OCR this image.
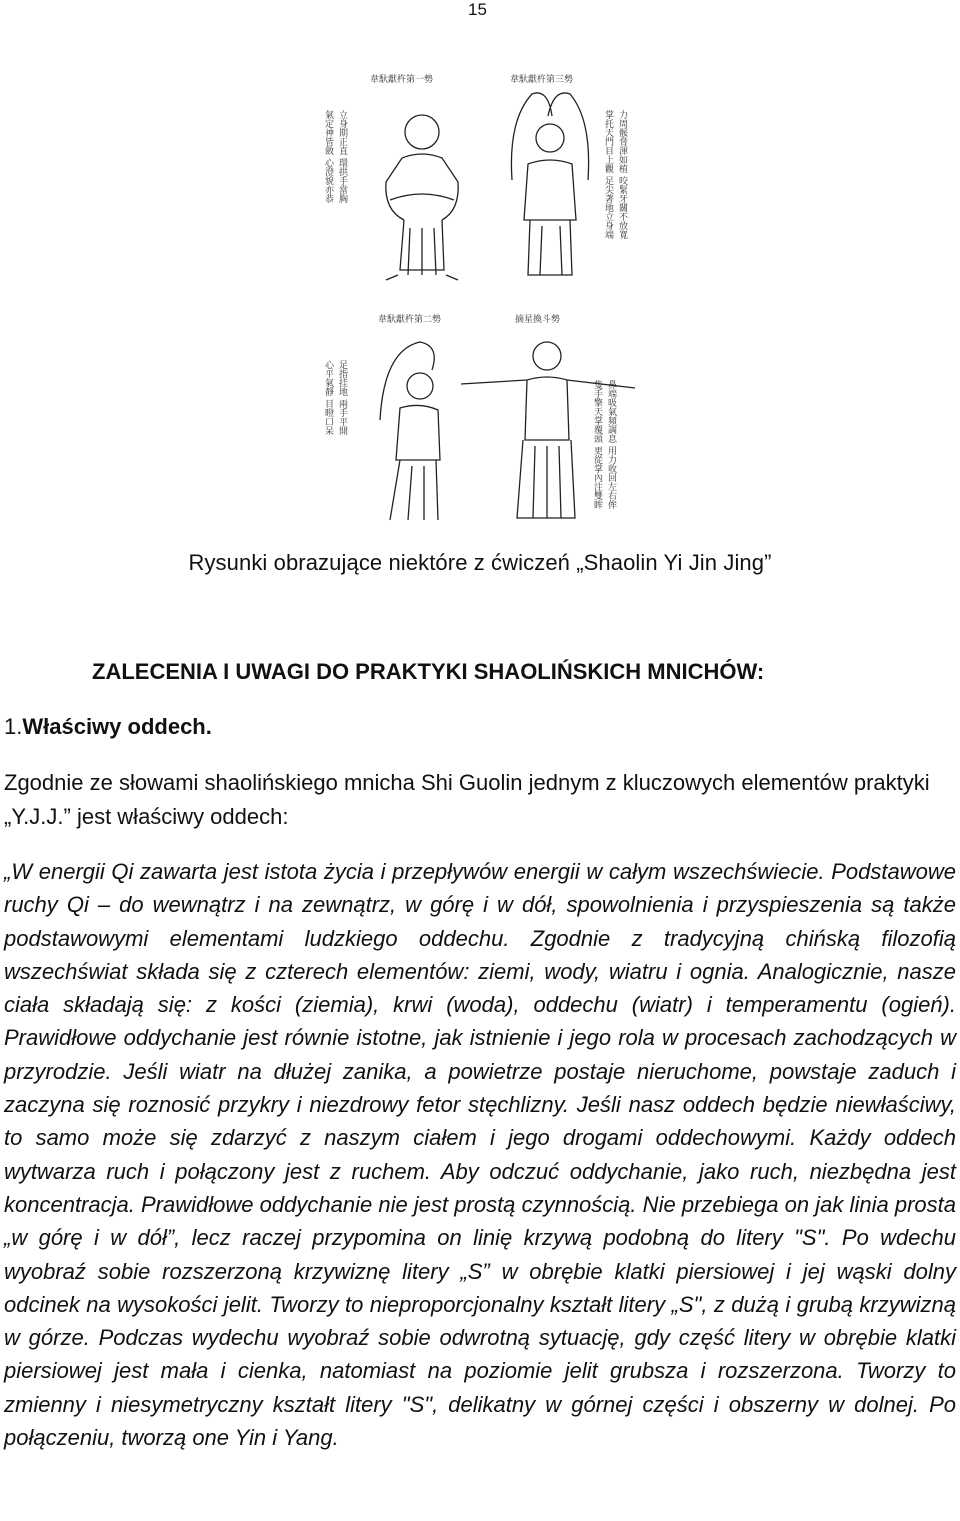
15
韋馱獻杵第一勢
氣定神皆斂 心澄貌亦恭 立身期正直 環拱手當胸
韋馱獻杵第三勢
掌托天門目上觀 足尖著地立身端 力周骽脅渾如植 咬緊牙關不放寬
韋馱獻杵第二勢
心平氣靜 目瞪口呆 足指挂地 兩手平開
摘星換斗勢
隻手擎天掌覆頭 更從掌內注雙眸 鼻端吸氣頻調息 用力收回左右侔
Rysunki obrazujące niektóre z ćwiczeń „Shaolin Yi Jin Jing”
ZALECENIA I UWAGI DO PRAKTYKI SHAOLIŃSKICH MNICHÓW:
1.Właściwy oddech.
Zgodnie ze słowami shaolińskiego mnicha Shi Guolin jednym z kluczowych elementów praktyki „Y.J.J.” jest właściwy oddech:
„W energii Qi zawarta jest istota życia i przepływów energii w całym wszechświecie. Podstawowe ruchy Qi – do wewnątrz i na zewnątrz, w górę i w dół, spowolnienia i przyspieszenia są także podstawowymi elementami ludzkiego oddechu. Zgodnie z tradycyjną chińską filozofią wszechświat składa się z czterech elementów: ziemi, wody, wiatru i ognia. Analogicznie, nasze ciała składają się: z kości (ziemia), krwi (woda), oddechu (wiatr) i temperamentu (ogień). Prawidłowe oddychanie jest równie istotne, jak istnienie i jego rola w procesach zachodzących w przyrodzie. Jeśli wiatr na dłużej zanika, a powietrze postaje nieruchome, powstaje zaduch i zaczyna się roznosić przykry i niezdrowy fetor stęchlizny. Jeśli nasz oddech będzie niewłaściwy, to samo może się zdarzyć z naszym ciałem i jego drogami oddechowymi. Każdy oddech wytwarza ruch i połączony jest z ruchem. Aby odczuć oddychanie, jako ruch, niezbędna jest koncentracja. Prawidłowe oddychanie nie jest prostą czynnością. Nie przebiega on jak linia prosta „w górę i w dół”, lecz raczej przypomina on linię krzywą podobną do litery "S". Po wdechu wyobraź sobie rozszerzoną krzywiznę litery „S” w obrębie klatki piersiowej i jej wąski dolny odcinek na wysokości jelit. Tworzy to nieproporcjonalny kształt litery „S", z dużą i grubą krzywizną w górze. Podczas wydechu wyobraź sobie odwrotną sytuację, gdy część litery w obrębie klatki piersiowej jest mała i cienka, natomiast na poziomie jelit grubsza i rozszerzona. Tworzy to zmienny i niesymetryczny kształt litery "S", delikatny w górnej części i obszerny w dolnej. Po połączeniu, tworzą one Yin i Yang.
